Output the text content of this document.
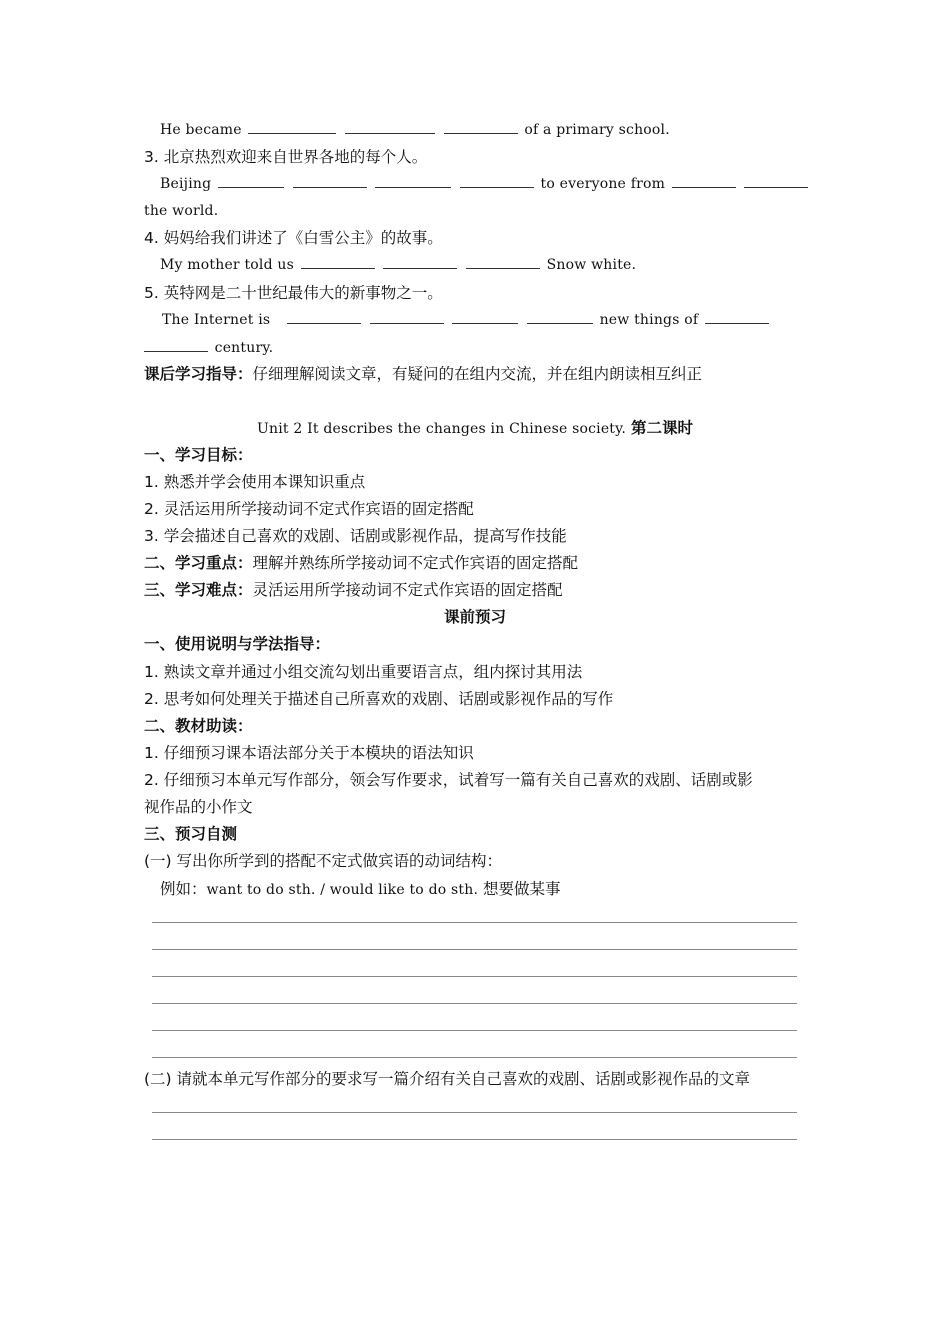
He became	of a primary school.
3. 北京热烈欢迎来自世界各地的每个人。
Beijing	to everyone from
the world.
4. 妈妈给我们讲述了《白雪公主》的故事。
My mother told us	Snow white.
5. 英特网是二十世纪最伟大的新事物之一。
The Internet is	new things of
century.
课后学习指导：仔细理解阅读文章，有疑问的在组内交流，并在组内朗读相互纠正
Unit 2 It describes the changes in Chinese society. 第二课时
一、学习目标：
1. 熟悉并学会使用本课知识重点
2. 灵活运用所学接动词不定式作宾语的固定搭配
3. 学会描述自己喜欢的戏剧、话剧或影视作品，提高写作技能
二、学习重点：理解并熟练所学接动词不定式作宾语的固定搭配
三、学习难点：灵活运用所学接动词不定式作宾语的固定搭配
课前预习
一、使用说明与学法指导：
1. 熟读文章并通过小组交流勾划出重要语言点，组内探讨其用法
2. 思考如何处理关于描述自己所喜欢的戏剧、话剧或影视作品的写作
二、教材助读：
1. 仔细预习课本语法部分关于本模块的语法知识
2. 仔细预习本单元写作部分，领会写作要求，试着写一篇有关自己喜欢的戏剧、话剧或影
视作品的小作文
三、预习自测
(一) 写出你所学到的搭配不定式做宾语的动词结构：
例如：want to do sth. / would like to do sth. 想要做某事
(二) 请就本单元写作部分的要求写一篇介绍有关自己喜欢的戏剧、话剧或影视作品的文章
